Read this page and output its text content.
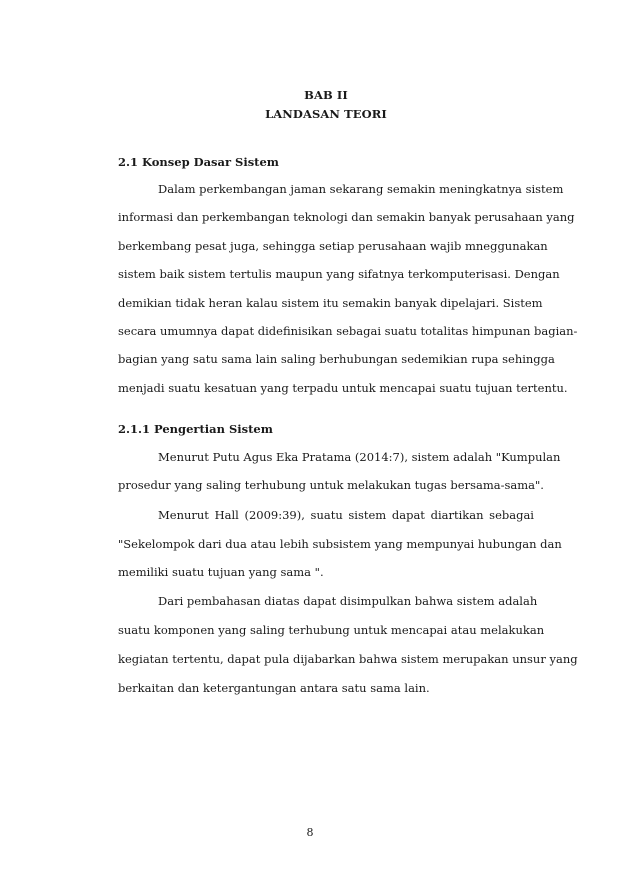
BAB II
LANDASAN TEORI
2.1 Konsep Dasar Sistem
Dalam perkembangan jaman sekarang semakin meningkatnya sistem
informasi dan perkembangan teknologi dan semakin banyak perusahaan yang
berkembang pesat juga, sehingga setiap perusahaan wajib mneggunakan
sistem baik sistem tertulis maupun yang sifatnya terkomputerisasi. Dengan
demikian tidak heran kalau sistem itu semakin banyak dipelajari. Sistem
secara umumnya dapat didefinisikan sebagai suatu totalitas himpunan bagian-
bagian yang satu sama lain saling berhubungan sedemikian rupa sehingga
menjadi suatu kesatuan yang terpadu untuk mencapai suatu tujuan tertentu.
2.1.1 Pengertian Sistem
Menurut Putu Agus Eka Pratama (2014:7), sistem adalah "Kumpulan
prosedur yang saling terhubung untuk melakukan tugas bersama-sama".
Menurut Hall (2009:39), suatu sistem dapat diartikan sebagai
"Sekelompok dari dua atau lebih subsistem yang mempunyai hubungan dan
memiliki suatu tujuan yang sama ".
Dari pembahasan diatas dapat disimpulkan bahwa sistem adalah
suatu komponen yang saling terhubung untuk mencapai atau melakukan
kegiatan tertentu, dapat pula dijabarkan bahwa sistem merupakan unsur yang
berkaitan dan ketergantungan antara satu sama lain.
8
